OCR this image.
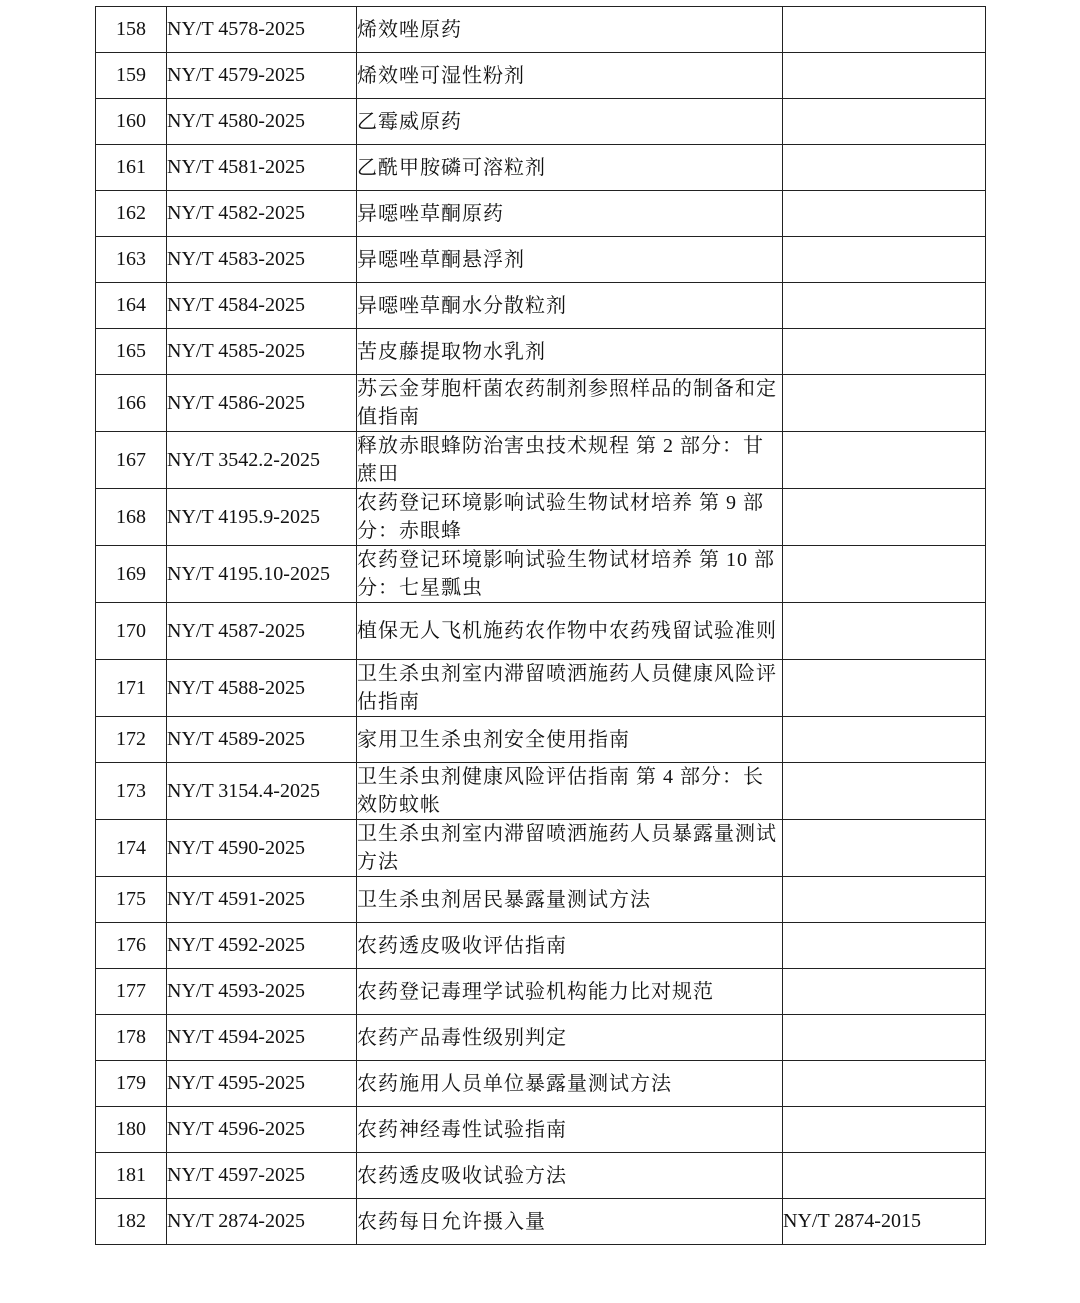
158	NY/T 4578-2025	烯效唑原药	
159	NY/T 4579-2025	烯效唑可湿性粉剂	
160	NY/T 4580-2025	乙霉威原药	
161	NY/T 4581-2025	乙酰甲胺磷可溶粒剂	
162	NY/T 4582-2025	异噁唑草酮原药	
163	NY/T 4583-2025	异噁唑草酮悬浮剂	
164	NY/T 4584-2025	异噁唑草酮水分散粒剂	
165	NY/T 4585-2025	苦皮藤提取物水乳剂	
166	NY/T 4586-2025	苏云金芽胞杆菌农药制剂参照样品的制备和定值指南	
167	NY/T 3542.2-2025	释放赤眼蜂防治害虫技术规程 第 2 部分：甘蔗田	
168	NY/T 4195.9-2025	农药登记环境影响试验生物试材培养 第 9 部分：赤眼蜂	
169	NY/T 4195.10-2025	农药登记环境影响试验生物试材培养 第 10 部分：七星瓢虫	
170	NY/T 4587-2025	植保无人飞机施药农作物中农药残留试验准则	
171	NY/T 4588-2025	卫生杀虫剂室内滞留喷洒施药人员健康风险评估指南	
172	NY/T 4589-2025	家用卫生杀虫剂安全使用指南	
173	NY/T 3154.4-2025	卫生杀虫剂健康风险评估指南 第 4 部分：长效防蚊帐	
174	NY/T 4590-2025	卫生杀虫剂室内滞留喷洒施药人员暴露量测试方法	
175	NY/T 4591-2025	卫生杀虫剂居民暴露量测试方法	
176	NY/T 4592-2025	农药透皮吸收评估指南	
177	NY/T 4593-2025	农药登记毒理学试验机构能力比对规范	
178	NY/T 4594-2025	农药产品毒性级别判定	
179	NY/T 4595-2025	农药施用人员单位暴露量测试方法	
180	NY/T 4596-2025	农药神经毒性试验指南	
181	NY/T 4597-2025	农药透皮吸收试验方法	
182	NY/T 2874-2025	农药每日允许摄入量	NY/T 2874-2015
